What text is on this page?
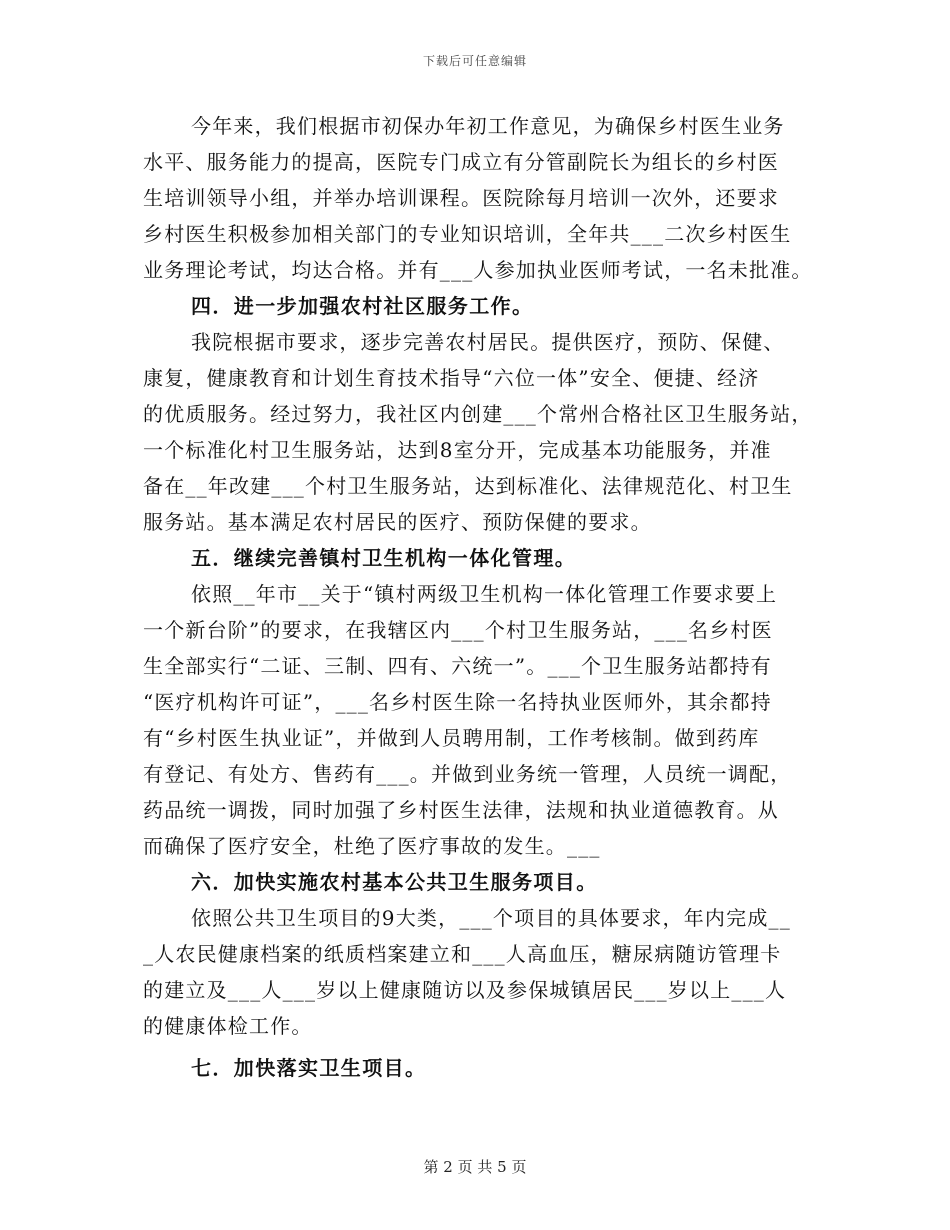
下载后可任意编辑
今年来，我们根据市初保办年初工作意见，为确保乡村医生业务
水平、服务能力的提高，医院专门成立有分管副院长为组长的乡村医
生培训领导小组，并举办培训课程。医院除每月培训一次外，还要求
乡村医生积极参加相关部门的专业知识培训，全年共___二次乡村医生
业务理论考试，均达合格。并有___人参加执业医师考试，一名未批准。
四．进一步加强农村社区服务工作。
我院根据市要求，逐步完善农村居民。提供医疗，预防、保健、
康复，健康教育和计划生育技术指导“六位一体”安全、便捷、经济
的优质服务。经过努力，我社区内创建___个常州合格社区卫生服务站，
一个标准化村卫生服务站，达到8室分开，完成基本功能服务，并准
备在__年改建___个村卫生服务站，达到标准化、法律规范化、村卫生
服务站。基本满足农村居民的医疗、预防保健的要求。
五．继续完善镇村卫生机构一体化管理。
依照__年市__关于“镇村两级卫生机构一体化管理工作要求要上
一个新台阶”的要求，在我辖区内___个村卫生服务站，___名乡村医
生全部实行“二证、三制、四有、六统一”。___个卫生服务站都持有
“医疗机构许可证”，___名乡村医生除一名持执业医师外，其余都持
有“乡村医生执业证”，并做到人员聘用制，工作考核制。做到药库
有登记、有处方、售药有___。并做到业务统一管理，人员统一调配，
药品统一调拨，同时加强了乡村医生法律，法规和执业道德教育。从
而确保了医疗安全，杜绝了医疗事故的发生。___
六．加快实施农村基本公共卫生服务项目。
依照公共卫生项目的9大类，___个项目的具体要求，年内完成__
_人农民健康档案的纸质档案建立和___人高血压，糖尿病随访管理卡
的建立及___人___岁以上健康随访以及参保城镇居民___岁以上___人
的健康体检工作。
七．加快落实卫生项目。
第 2 页 共 5 页
